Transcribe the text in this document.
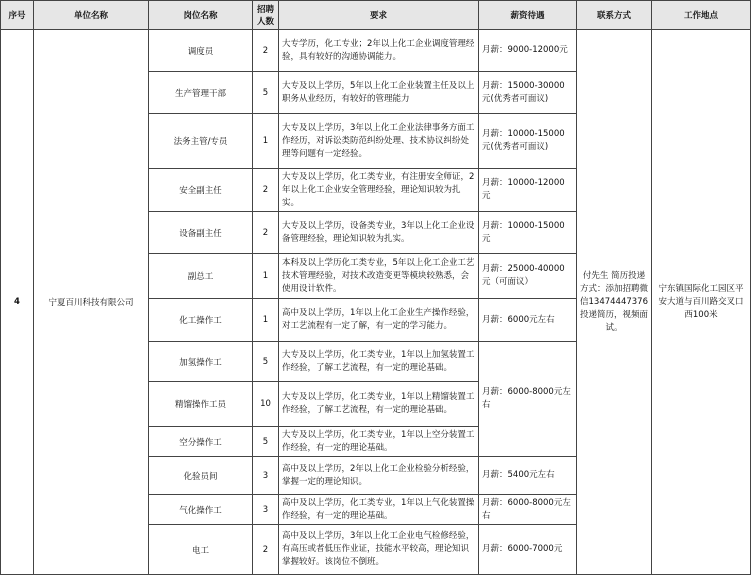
序号	单位名称	岗位名称	招聘人数	要求	薪资待遇	联系方式	工作地点
4	宁夏百川科技有限公司	调度员	2	大专学历，化工专业；2年以上化工企业调度管理经验，具有较好的沟通协调能力。	月薪：9000-12000元	付先生 简历投递方式：添加招聘微信13474447376投递简历，视频面试。	宁东镇国际化工园区平安大道与百川路交叉口西100米
		生产管理干部	5	大专及以上学历，5年以上化工企业装置主任及以上职务从业经历，有较好的管理能力	月薪：15000-30000元(优秀者可面议)		
		法务主管/专员	1	大专及以上学历，3年以上化工企业法律事务方面工作经历，对诉讼类防范纠纷处理、技术协议纠纷处理等问题有一定经验。	月薪：10000-15000元(优秀者可面议)		
		安全副主任	2	大专及以上学历，化工类专业，有注册安全师证，2年以上化工企业安全管理经验，理论知识较为扎实。	月薪：10000-12000元		
		设备副主任	2	大专及以上学历，设备类专业，3年以上化工企业设备管理经验，理论知识较为扎实。	月薪：10000-15000元		
		副总工	1	本科及以上学历化工类专业，5年以上化工企业工艺技术管理经验，对技术改造变更等模块较熟悉，会使用设计软件。	月薪：25000-40000元（可面议）		
		化工操作工	1	高中及以上学历，1年以上化工企业生产操作经验，对工艺流程有一定了解，有一定的学习能力。	月薪：6000元左右		
		加氢操作工	5	大专及以上学历，化工类专业，1年以上加氢装置工作经验，了解工艺流程，有一定的理论基础。	月薪：6000-8000元左右		
		精馏操作工员	10	大专及以上学历，化工类专业，1年以上精馏装置工作经验，了解工艺流程，有一定的理论基础。			
		空分操作工	5	大专及以上学历，化工类专业，1年以上空分装置工作经验，有一定的理论基础。			
		化验员间	3	高中及以上学历，2年以上化工企业检验分析经验，掌握一定的理论知识。	月薪：5400元左右		
		气化操作工	3	高中及以上学历，化工类专业，1年以上气化装置操作经验，有一定的理论基础。	月薪：6000-8000元左右		
		电工	2	高中及以上学历，3年以上化工企业电气检修经验，有高压或者低压作业证，技能水平较高，理论知识掌握较好。该岗位不倒班。	月薪：6000-7000元		
